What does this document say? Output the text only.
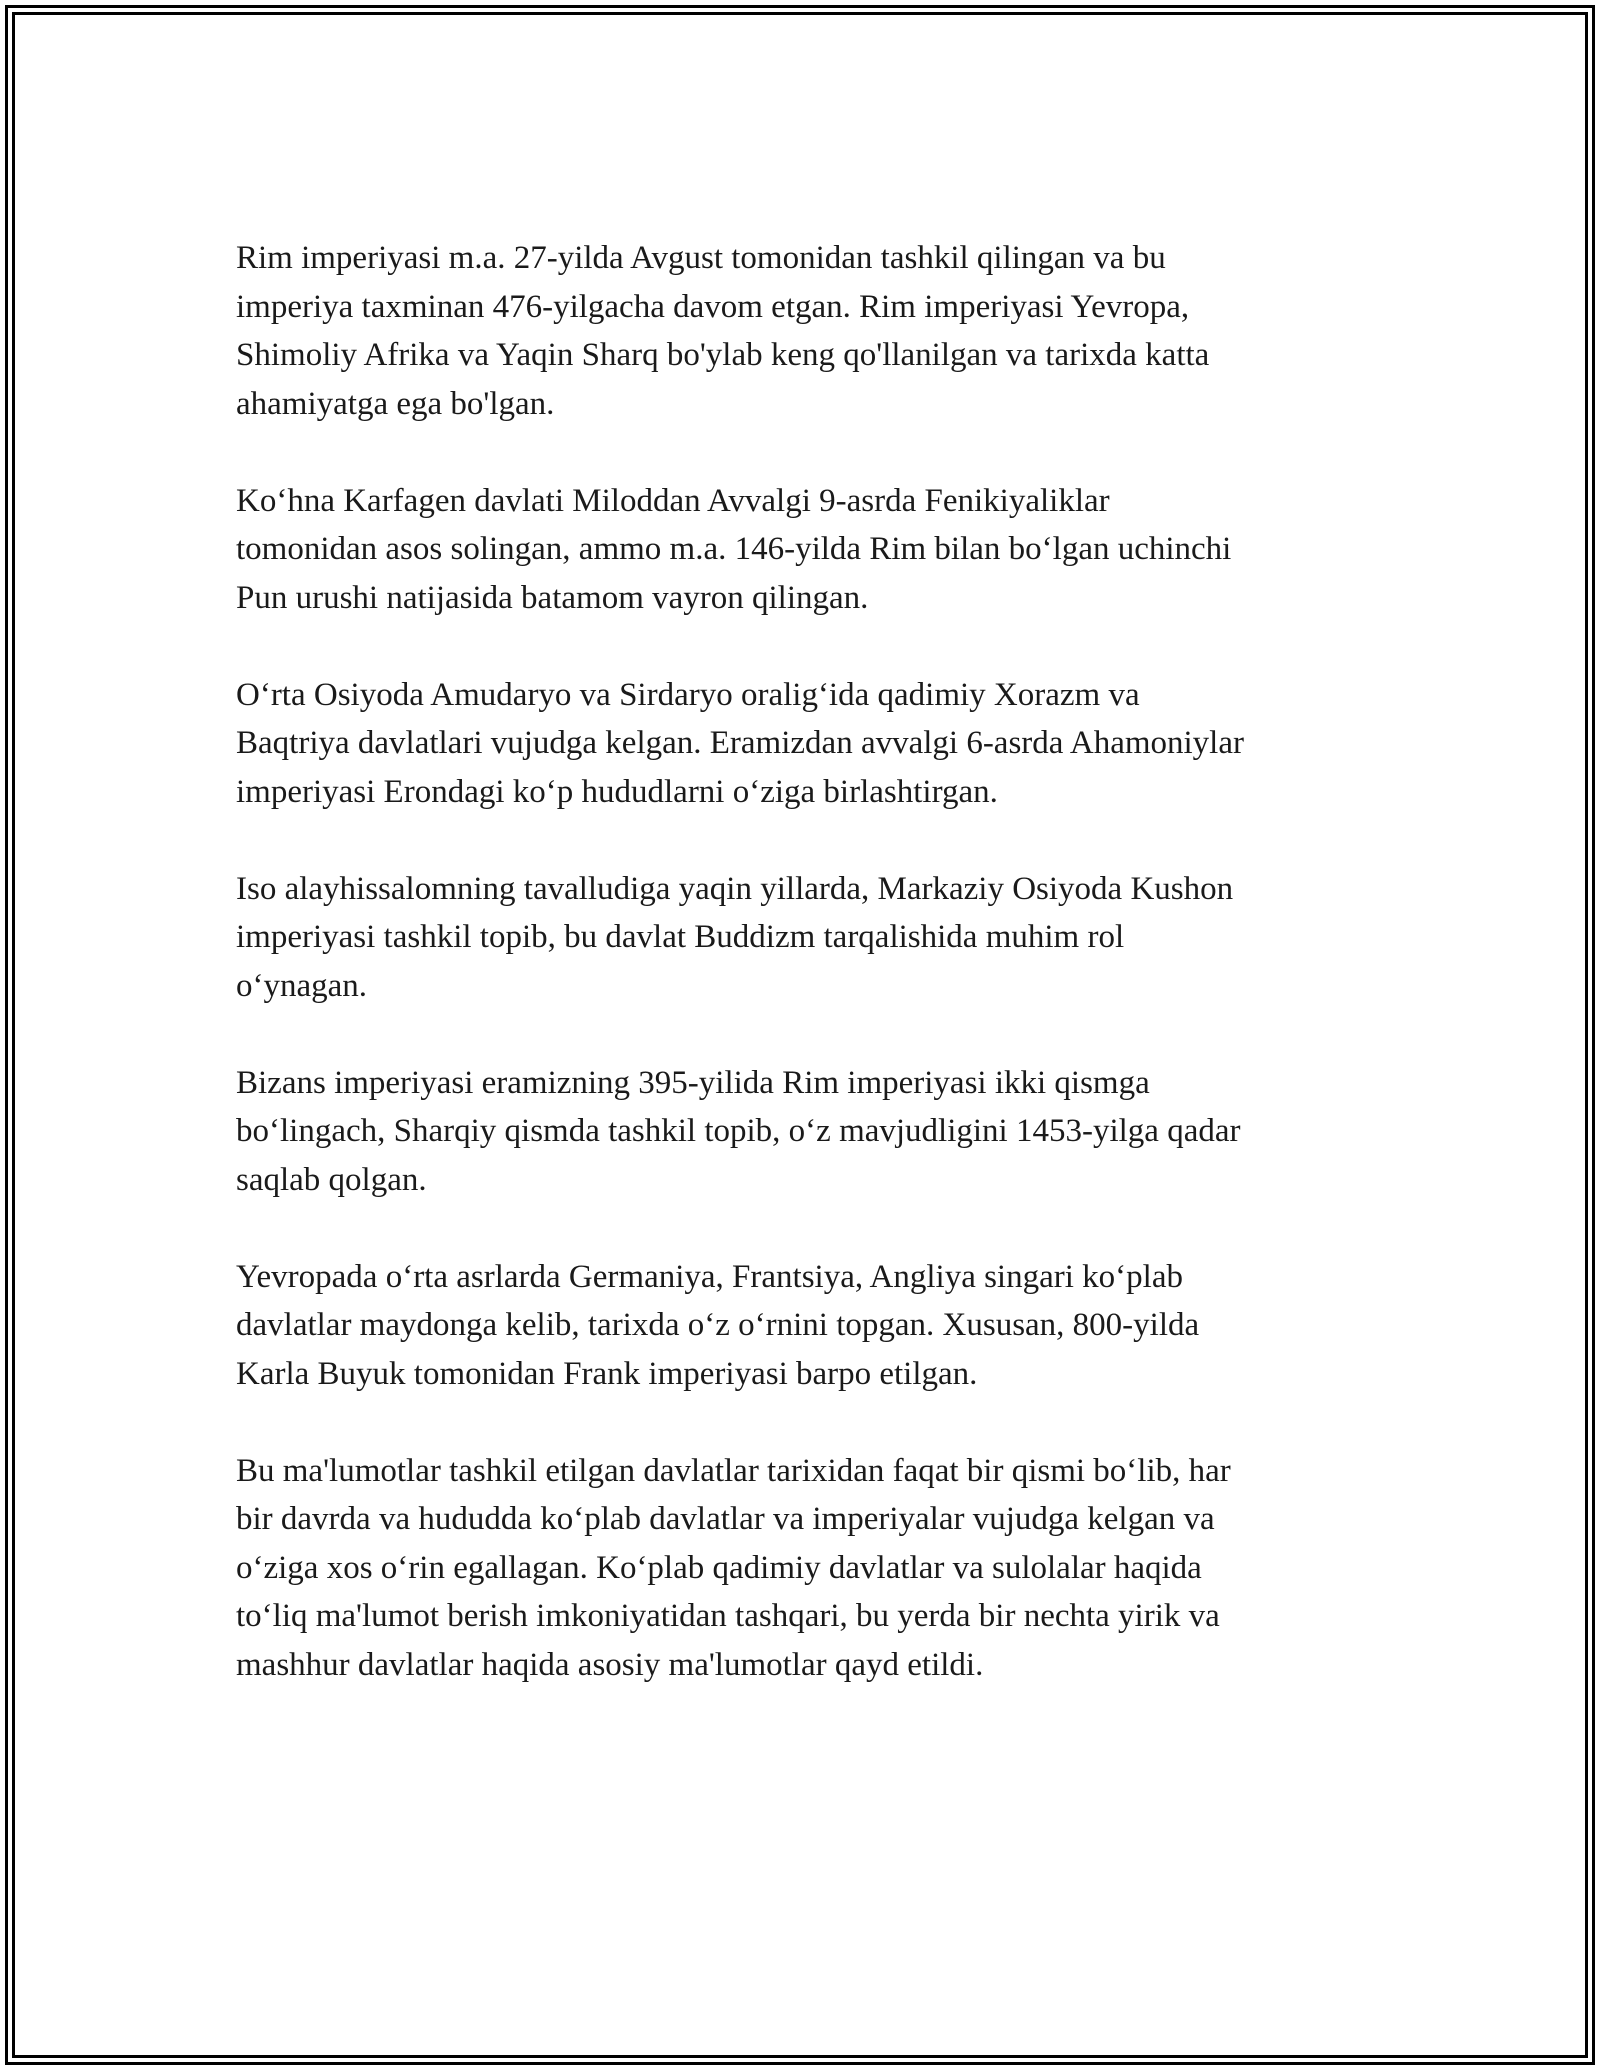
Rim imperiyasi m.a. 27-yilda Avgust tomonidan tashkil qilingan va bu
imperiya taxminan 476-yilgacha davom etgan. Rim imperiyasi Yevropa,
Shimoliy Afrika va Yaqin Sharq bo'ylab keng qo'llanilgan va tarixda katta
ahamiyatga ega bo'lgan.

Koʻhna Karfagen davlati Miloddan Avvalgi 9-asrda Fenikiyaliklar
tomonidan asos solingan, ammo m.a. 146-yilda Rim bilan boʻlgan uchinchi
Pun urushi natijasida batamom vayron qilingan.

Oʻrta Osiyoda Amudaryo va Sirdaryo oraligʻida qadimiy Xorazm va
Baqtriya davlatlari vujudga kelgan. Eramizdan avvalgi 6-asrda Ahamoniylar
imperiyasi Erondagi koʻp hududlarni oʻziga birlashtirgan.

Iso alayhissalomning tavalludiga yaqin yillarda, Markaziy Osiyoda Kushon
imperiyasi tashkil topib, bu davlat Buddizm tarqalishida muhim rol
oʻynagan.

Bizans imperiyasi eramizning 395-yilida Rim imperiyasi ikki qismga
boʻlingach, Sharqiy qismda tashkil topib, oʻz mavjudligini 1453-yilga qadar
saqlab qolgan.

Yevropada oʻrta asrlarda Germaniya, Frantsiya, Angliya singari koʻplab
davlatlar maydonga kelib, tarixda oʻz oʻrnini topgan. Xususan, 800-yilda
Karla Buyuk tomonidan Frank imperiyasi barpo etilgan.

Bu ma'lumotlar tashkil etilgan davlatlar tarixidan faqat bir qismi boʻlib, har
bir davrda va hududda koʻplab davlatlar va imperiyalar vujudga kelgan va
oʻziga xos oʻrin egallagan. Koʻplab qadimiy davlatlar va sulolalar haqida
toʻliq ma'lumot berish imkoniyatidan tashqari, bu yerda bir nechta yirik va
mashhur davlatlar haqida asosiy ma'lumotlar qayd etildi.
